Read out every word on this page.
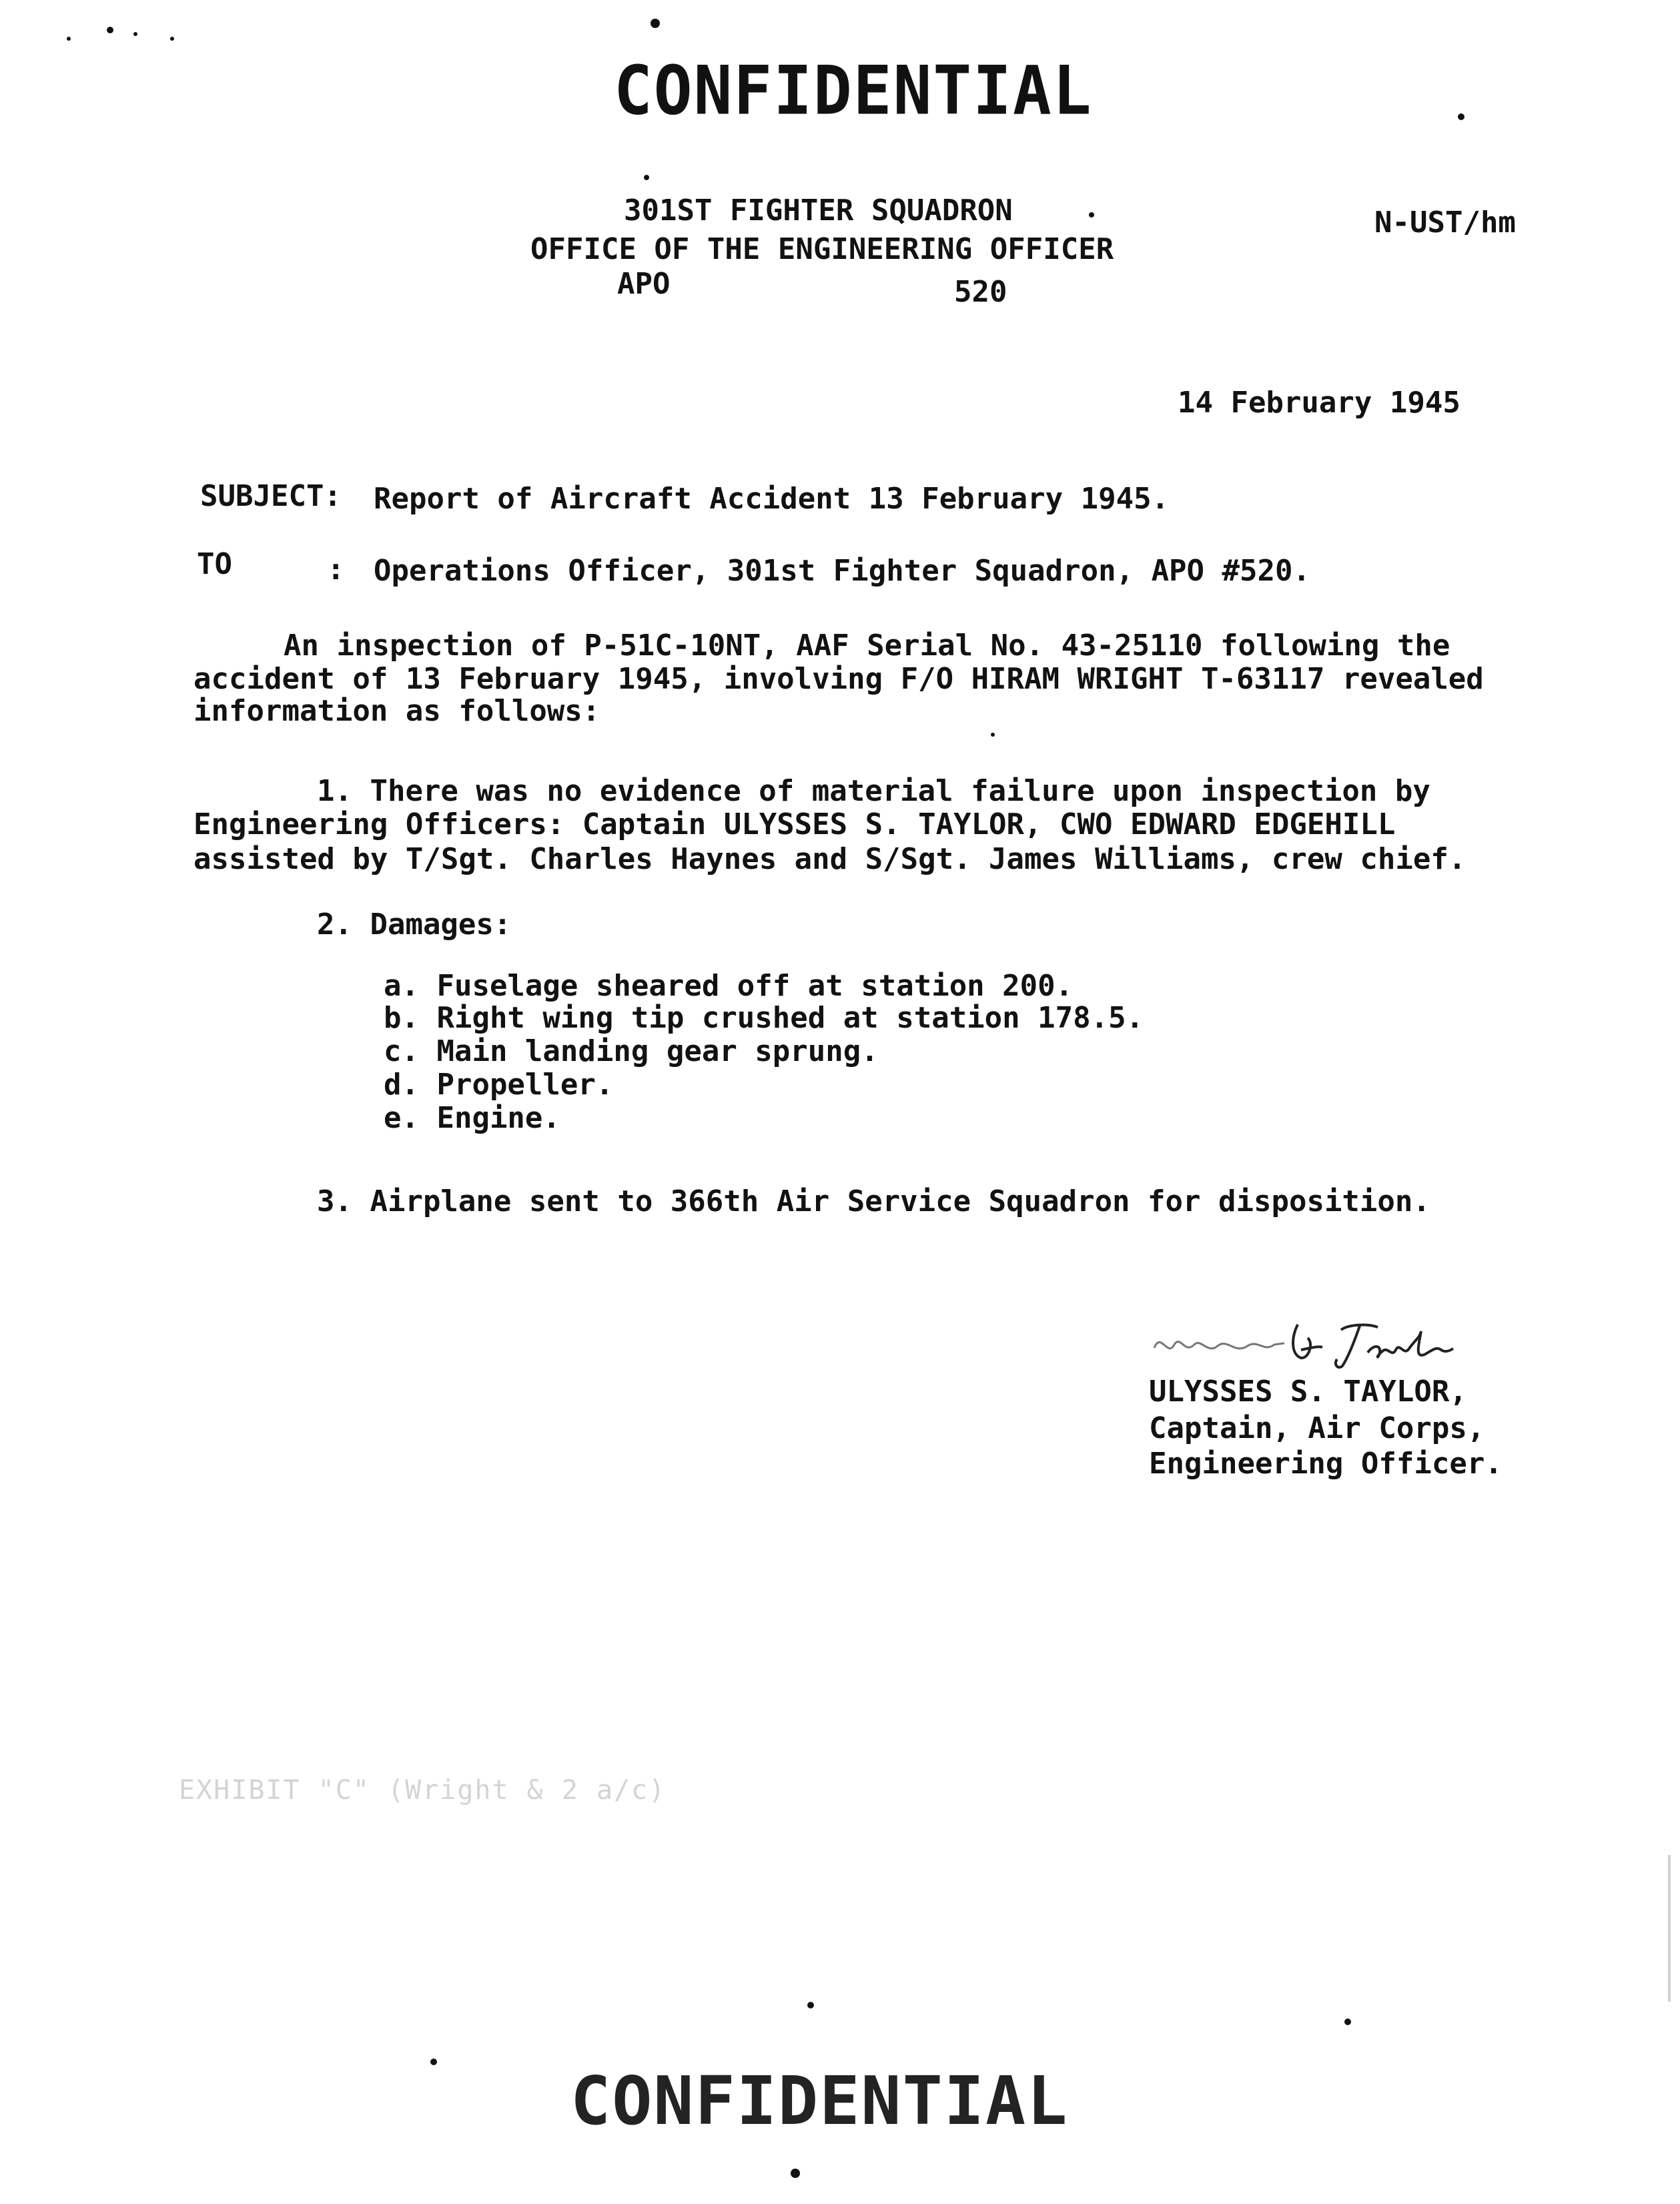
CONFIDENTIAL
301ST FIGHTER SQUADRON
OFFICE OF THE ENGINEERING OFFICER
APO	520
N-UST/hm
14 February 1945
SUBJECT: Report of Aircraft Accident 13 February 1945.
TO	: Operations Officer, 301st Fighter Squadron, APO #520.
An inspection of P-51C-10NT, AAF Serial No. 43-25110 following the
accident of 13 February 1945, involving F/O HIRAM WRIGHT T-63117 revealed
information as follows:
1. There was no evidence of material failure upon inspection by
Engineering Officers: Captain ULYSSES S. TAYLOR, CWO EDWARD EDGEHILL
assisted by T/Sgt. Charles Haynes and S/Sgt. James Williams, crew chief.
2. Damages:
a. Fuselage sheared off at station 200.
b. Right wing tip crushed at station 178.5.
c. Main landing gear sprung.
d. Propeller.
e. Engine.
3. Airplane sent to 366th Air Service Squadron for disposition.
ULYSSES S. TAYLOR,
Captain, Air Corps,
Engineering Officer.
EXHIBIT "C" (Wright & 2 a/c)
CONFIDENTIAL
